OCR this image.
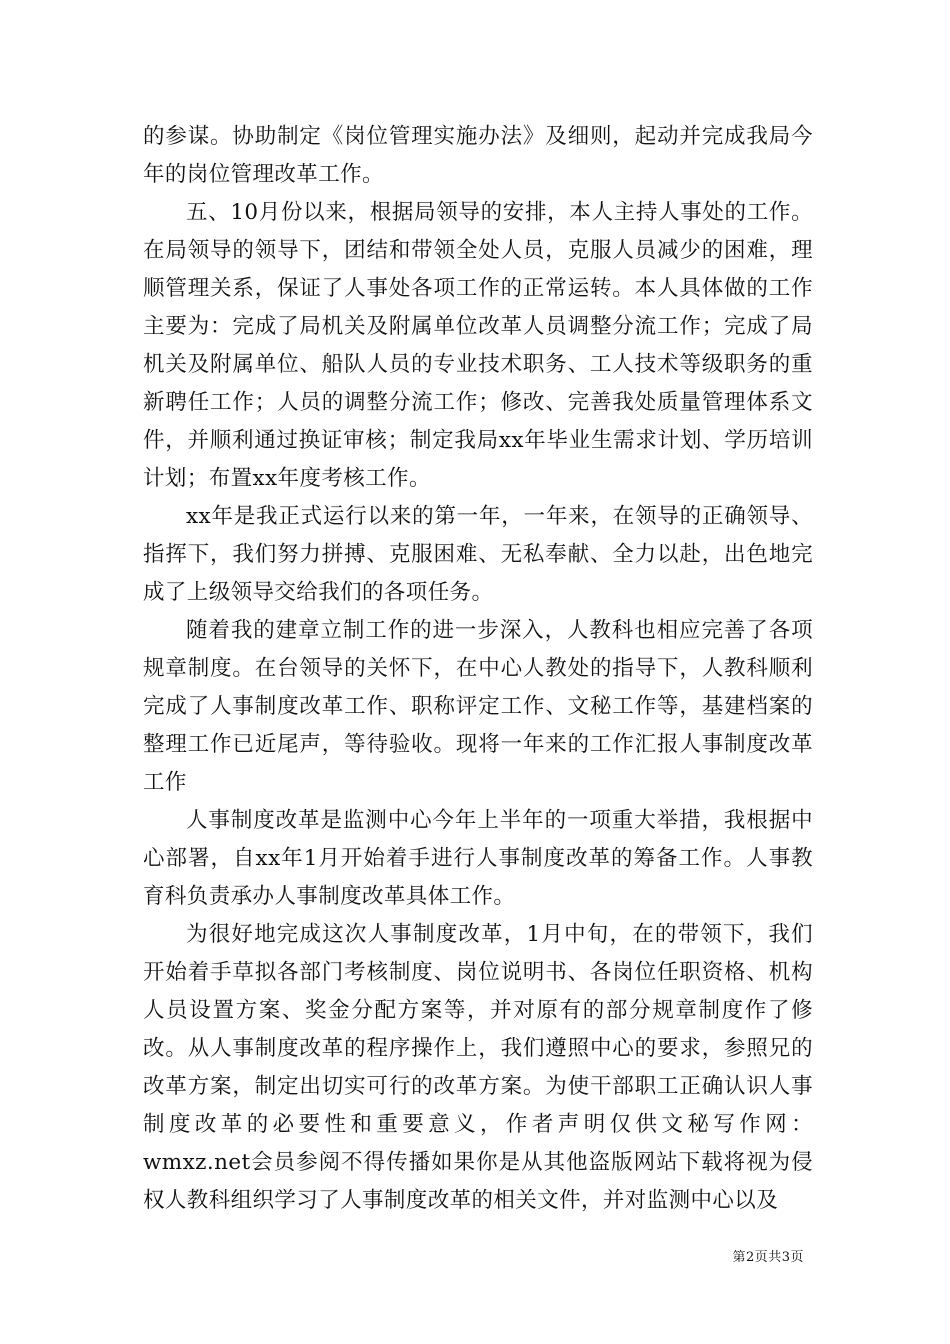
的参谋。协助制定《岗位管理实施办法》及细则，起动并完成我局今年的岗位管理改革工作。

五、10月份以来，根据局领导的安排，本人主持人事处的工作。在局领导的领导下，团结和带领全处人员，克服人员减少的困难，理顺管理关系，保证了人事处各项工作的正常运转。本人具体做的工作主要为：完成了局机关及附属单位改革人员调整分流工作；完成了局机关及附属单位、船队人员的专业技术职务、工人技术等级职务的重新聘任工作；人员的调整分流工作；修改、完善我处质量管理体系文件，并顺利通过换证审核；制定我局xx年毕业生需求计划、学历培训计划；布置xx年度考核工作。

xx年是我正式运行以来的第一年，一年来，在领导的正确领导、指挥下，我们努力拼搏、克服困难、无私奉献、全力以赴，出色地完成了上级领导交给我们的各项任务。

随着我的建章立制工作的进一步深入，人教科也相应完善了各项规章制度。在台领导的关怀下，在中心人教处的指导下，人教科顺利完成了人事制度改革工作、职称评定工作、文秘工作等，基建档案的整理工作已近尾声，等待验收。现将一年来的工作汇报人事制度改革工作

人事制度改革是监测中心今年上半年的一项重大举措，我根据中心部署，自xx年1月开始着手进行人事制度改革的筹备工作。人事教育科负责承办人事制度改革具体工作。

为很好地完成这次人事制度改革，1月中旬，在的带领下，我们开始着手草拟各部门考核制度、岗位说明书、各岗位任职资格、机构人员设置方案、奖金分配方案等，并对原有的部分规章制度作了修改。从人事制度改革的程序操作上，我们遵照中心的要求，参照兄的改革方案，制定出切实可行的改革方案。为使干部职工正确认识人事制度改革的必要性和重要意义，作者声明仅供文秘写作网：wmxz.net会员参阅不得传播如果你是从其他盗版网站下载将视为侵权人教科组织学习了人事制度改革的相关文件，并对监测中心以及

第2页共3页
